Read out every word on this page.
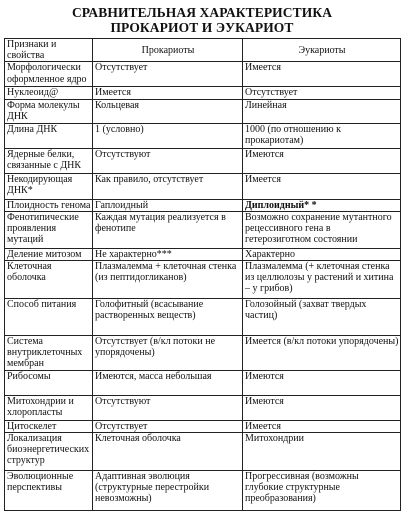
СРАВНИТЕЛЬНАЯ ХАРАКТЕРИСТИКА
ПРОКАРИОТ И ЭУКАРИОТ
Признаки и свойства	Прокариоты	Эукариоты
Морфологически оформленное ядро	Отсутствует	Имеется
Нуклеоид@	Имеется	Отсутствует
Форма молекулы ДНК	Кольцевая	Линейная
Длина ДНК	1 (условно)	1000 (по отношению к прокариотам)
Ядерные белки, связанные с ДНК	Отсутствуют	Имеются
Некодирующая ДНК*	Как правило, отсутствует	Имеется
Плоидность генома	Гаплоидный	Диплоидный* *
Фенотипические проявления мутаций	Каждая мутация реализуется в фенотипе	Возможно сохранение мутантного рецессивного гена в гетерозиготном состоянии
Деление митозом	Не характерно***	Характерно
Клеточная оболочка	Плазмалемма + клеточная стенка (из пептидогликанов)	Плазмалемма (+ клеточная стенка из целлюлозы у растений и хитина – у грибов)
Способ питания	Голофитный (всасывание растворенных веществ)	Голозойный (захват твердых частиц)
Система внутриклеточных мембран	Отсутствует (в/кл потоки не упорядочены)	Имеется (в/кл потоки упорядочены)
Рибосомы	Имеются, масса небольшая	Имеются
Митохондрии и хлоропласты	Отсутствуют	Имеются
Цитоскелет	Отсутствует	Имеется
Локализация биоэнергетических структур	Клеточная оболочка	Митохондрии
Эволюционные перспективы	Адаптивная эволюция (структурные перестройки невозможны)	Прогрессивная (возможны глубокие структурные преобразования)
